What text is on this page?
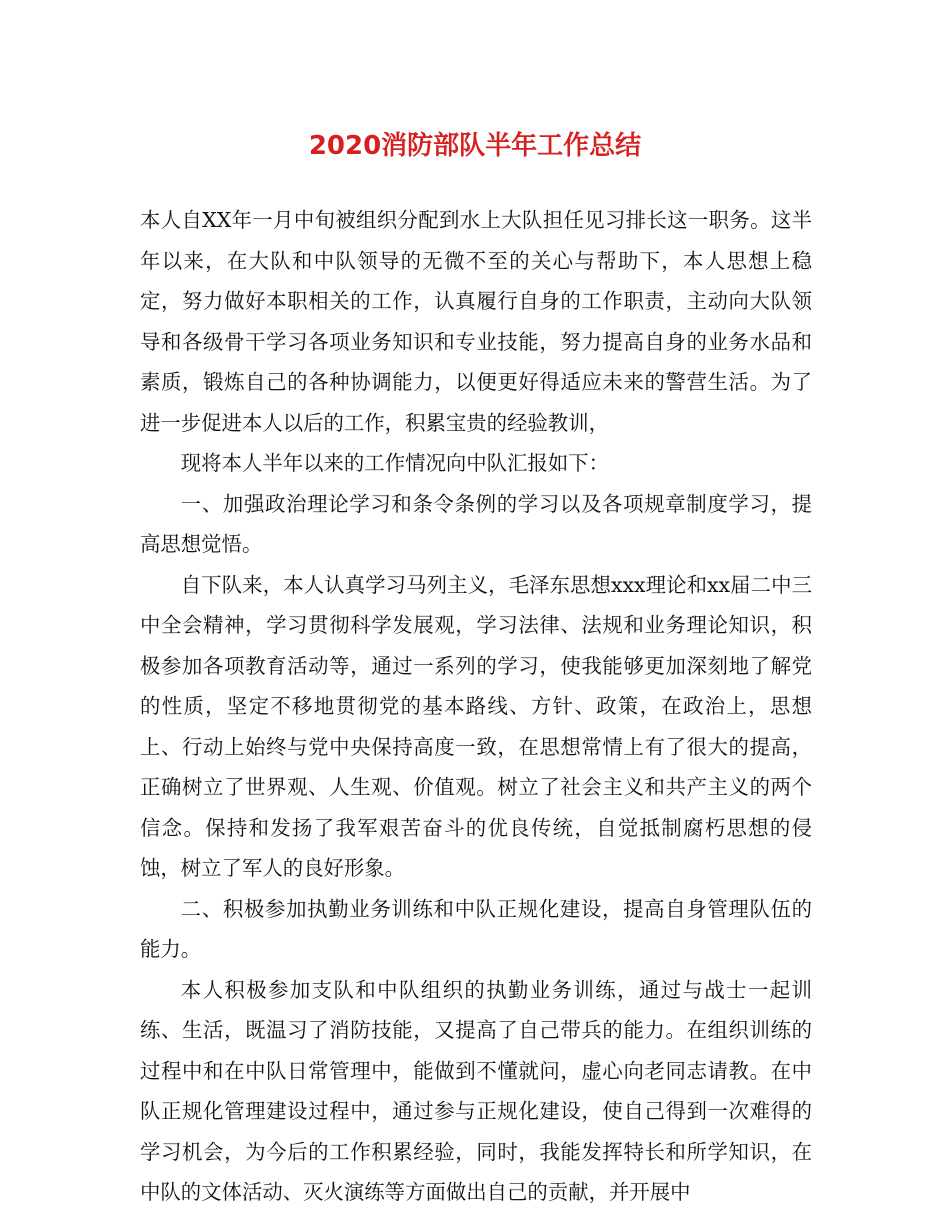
2020消防部队半年工作总结

本人自XX年一月中旬被组织分配到水上大队担任见习排长这一职务。这半年以来，在大队和中队领导的无微不至的关心与帮助下，本人思想上稳定，努力做好本职相关的工作，认真履行自身的工作职责，主动向大队领导和各级骨干学习各项业务知识和专业技能，努力提高自身的业务水品和素质，锻炼自己的各种协调能力，以便更好得适应未来的警营生活。为了进一步促进本人以后的工作，积累宝贵的经验教训，

现将本人半年以来的工作情况向中队汇报如下：

一、加强政治理论学习和条令条例的学习以及各项规章制度学习，提高思想觉悟。

自下队来，本人认真学习马列主义，毛泽东思想xxx理论和xx届二中三中全会精神，学习贯彻科学发展观，学习法律、法规和业务理论知识，积极参加各项教育活动等，通过一系列的学习，使我能够更加深刻地了解党的性质，坚定不移地贯彻党的基本路线、方针、政策，在政治上，思想上、行动上始终与党中央保持高度一致，在思想常情上有了很大的提高，正确树立了世界观、人生观、价值观。树立了社会主义和共产主义的两个信念。保持和发扬了我军艰苦奋斗的优良传统，自觉抵制腐朽思想的侵蚀，树立了军人的良好形象。

二、积极参加执勤业务训练和中队正规化建设，提高自身管理队伍的能力。

本人积极参加支队和中队组织的执勤业务训练，通过与战士一起训练、生活，既温习了消防技能，又提高了自己带兵的能力。在组织训练的过程中和在中队日常管理中，能做到不懂就问，虚心向老同志请教。在中队正规化管理建设过程中，通过参与正规化建设，使自己得到一次难得的学习机会，为今后的工作积累经验，同时，我能发挥特长和所学知识，在中队的文体活动、灭火演练等方面做出自己的贡献，并开展中
